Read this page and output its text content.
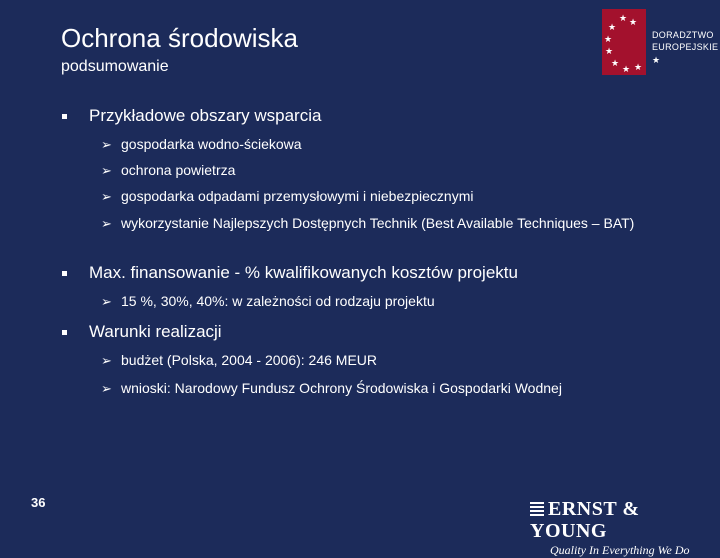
Ochrona środowiska
podsumowanie
★ ★
★
★
★
★
★ ★
★
DORADZTWO
EUROPEJSKIE
Przykładowe obszary wsparcia
➢ gospodarka wodno-ściekowa
➢ ochrona powietrza
➢ gospodarka odpadami przemysłowymi i niebezpiecznymi
➢ wykorzystanie Najlepszych Dostępnych Technik (Best Available Techniques – BAT)
Max. finansowanie - % kwalifikowanych kosztów projektu
➢ 15 %, 30%, 40%: w zależności od rodzaju projektu
Warunki realizacji
➢ budżet (Polska, 2004 - 2006): 246 MEUR
➢ wnioski: Narodowy Fundusz Ochrony Środowiska i Gospodarki Wodnej
36	ERNST & YOUNG
Quality In Everything We Do
